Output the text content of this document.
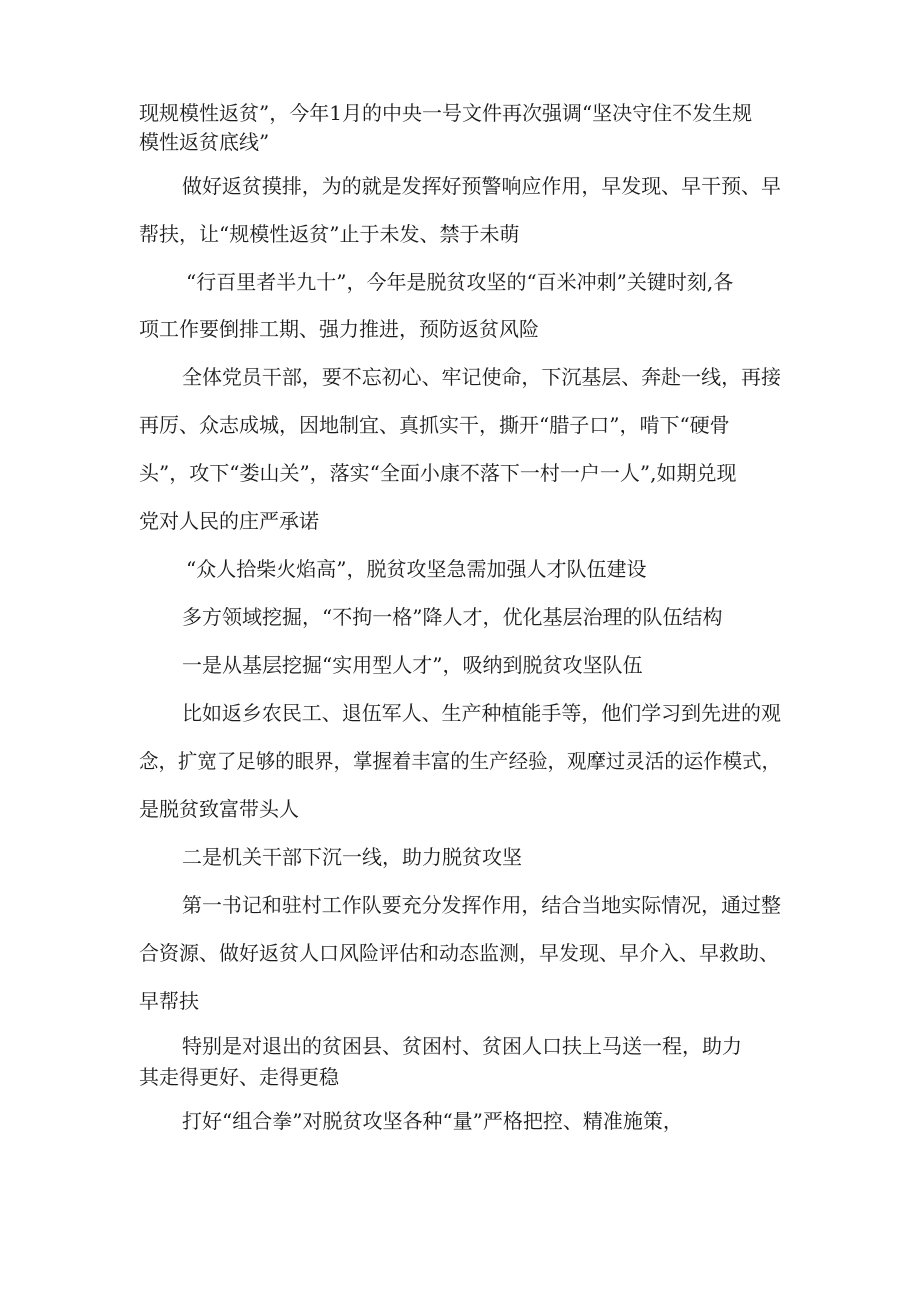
现规模性返贫”，今年1月的中央一号文件再次强调“坚决守住不发生规
模性返贫底线”
做好返贫摸排，为的就是发挥好预警响应作用，早发现、早干预、早
帮扶，让“规模性返贫”止于未发、禁于未萌
“行百里者半九十”，今年是脱贫攻坚的“百米冲刺”关键时刻,各
项工作要倒排工期、强力推进，预防返贫风险
全体党员干部，要不忘初心、牢记使命，下沉基层、奔赴一线，再接
再厉、众志成城，因地制宜、真抓实干，撕开“腊子口”，啃下“硬骨
头”，攻下“娄山关”，落实“全面小康不落下一村一户一人”,如期兑现
党对人民的庄严承诺
“众人拾柴火焰高”，脱贫攻坚急需加强人才队伍建设
多方领域挖掘，“不拘一格”降人才，优化基层治理的队伍结构
一是从基层挖掘“实用型人才”，吸纳到脱贫攻坚队伍
比如返乡农民工、退伍军人、生产种植能手等，他们学习到先进的观
念，扩宽了足够的眼界，掌握着丰富的生产经验，观摩过灵活的运作模式，
是脱贫致富带头人
二是机关干部下沉一线，助力脱贫攻坚
第一书记和驻村工作队要充分发挥作用，结合当地实际情况，通过整
合资源、做好返贫人口风险评估和动态监测，早发现、早介入、早救助、
早帮扶
特别是对退出的贫困县、贫困村、贫困人口扶上马送一程，助力
其走得更好、走得更稳
打好“组合拳”对脱贫攻坚各种“量”严格把控、精准施策，
